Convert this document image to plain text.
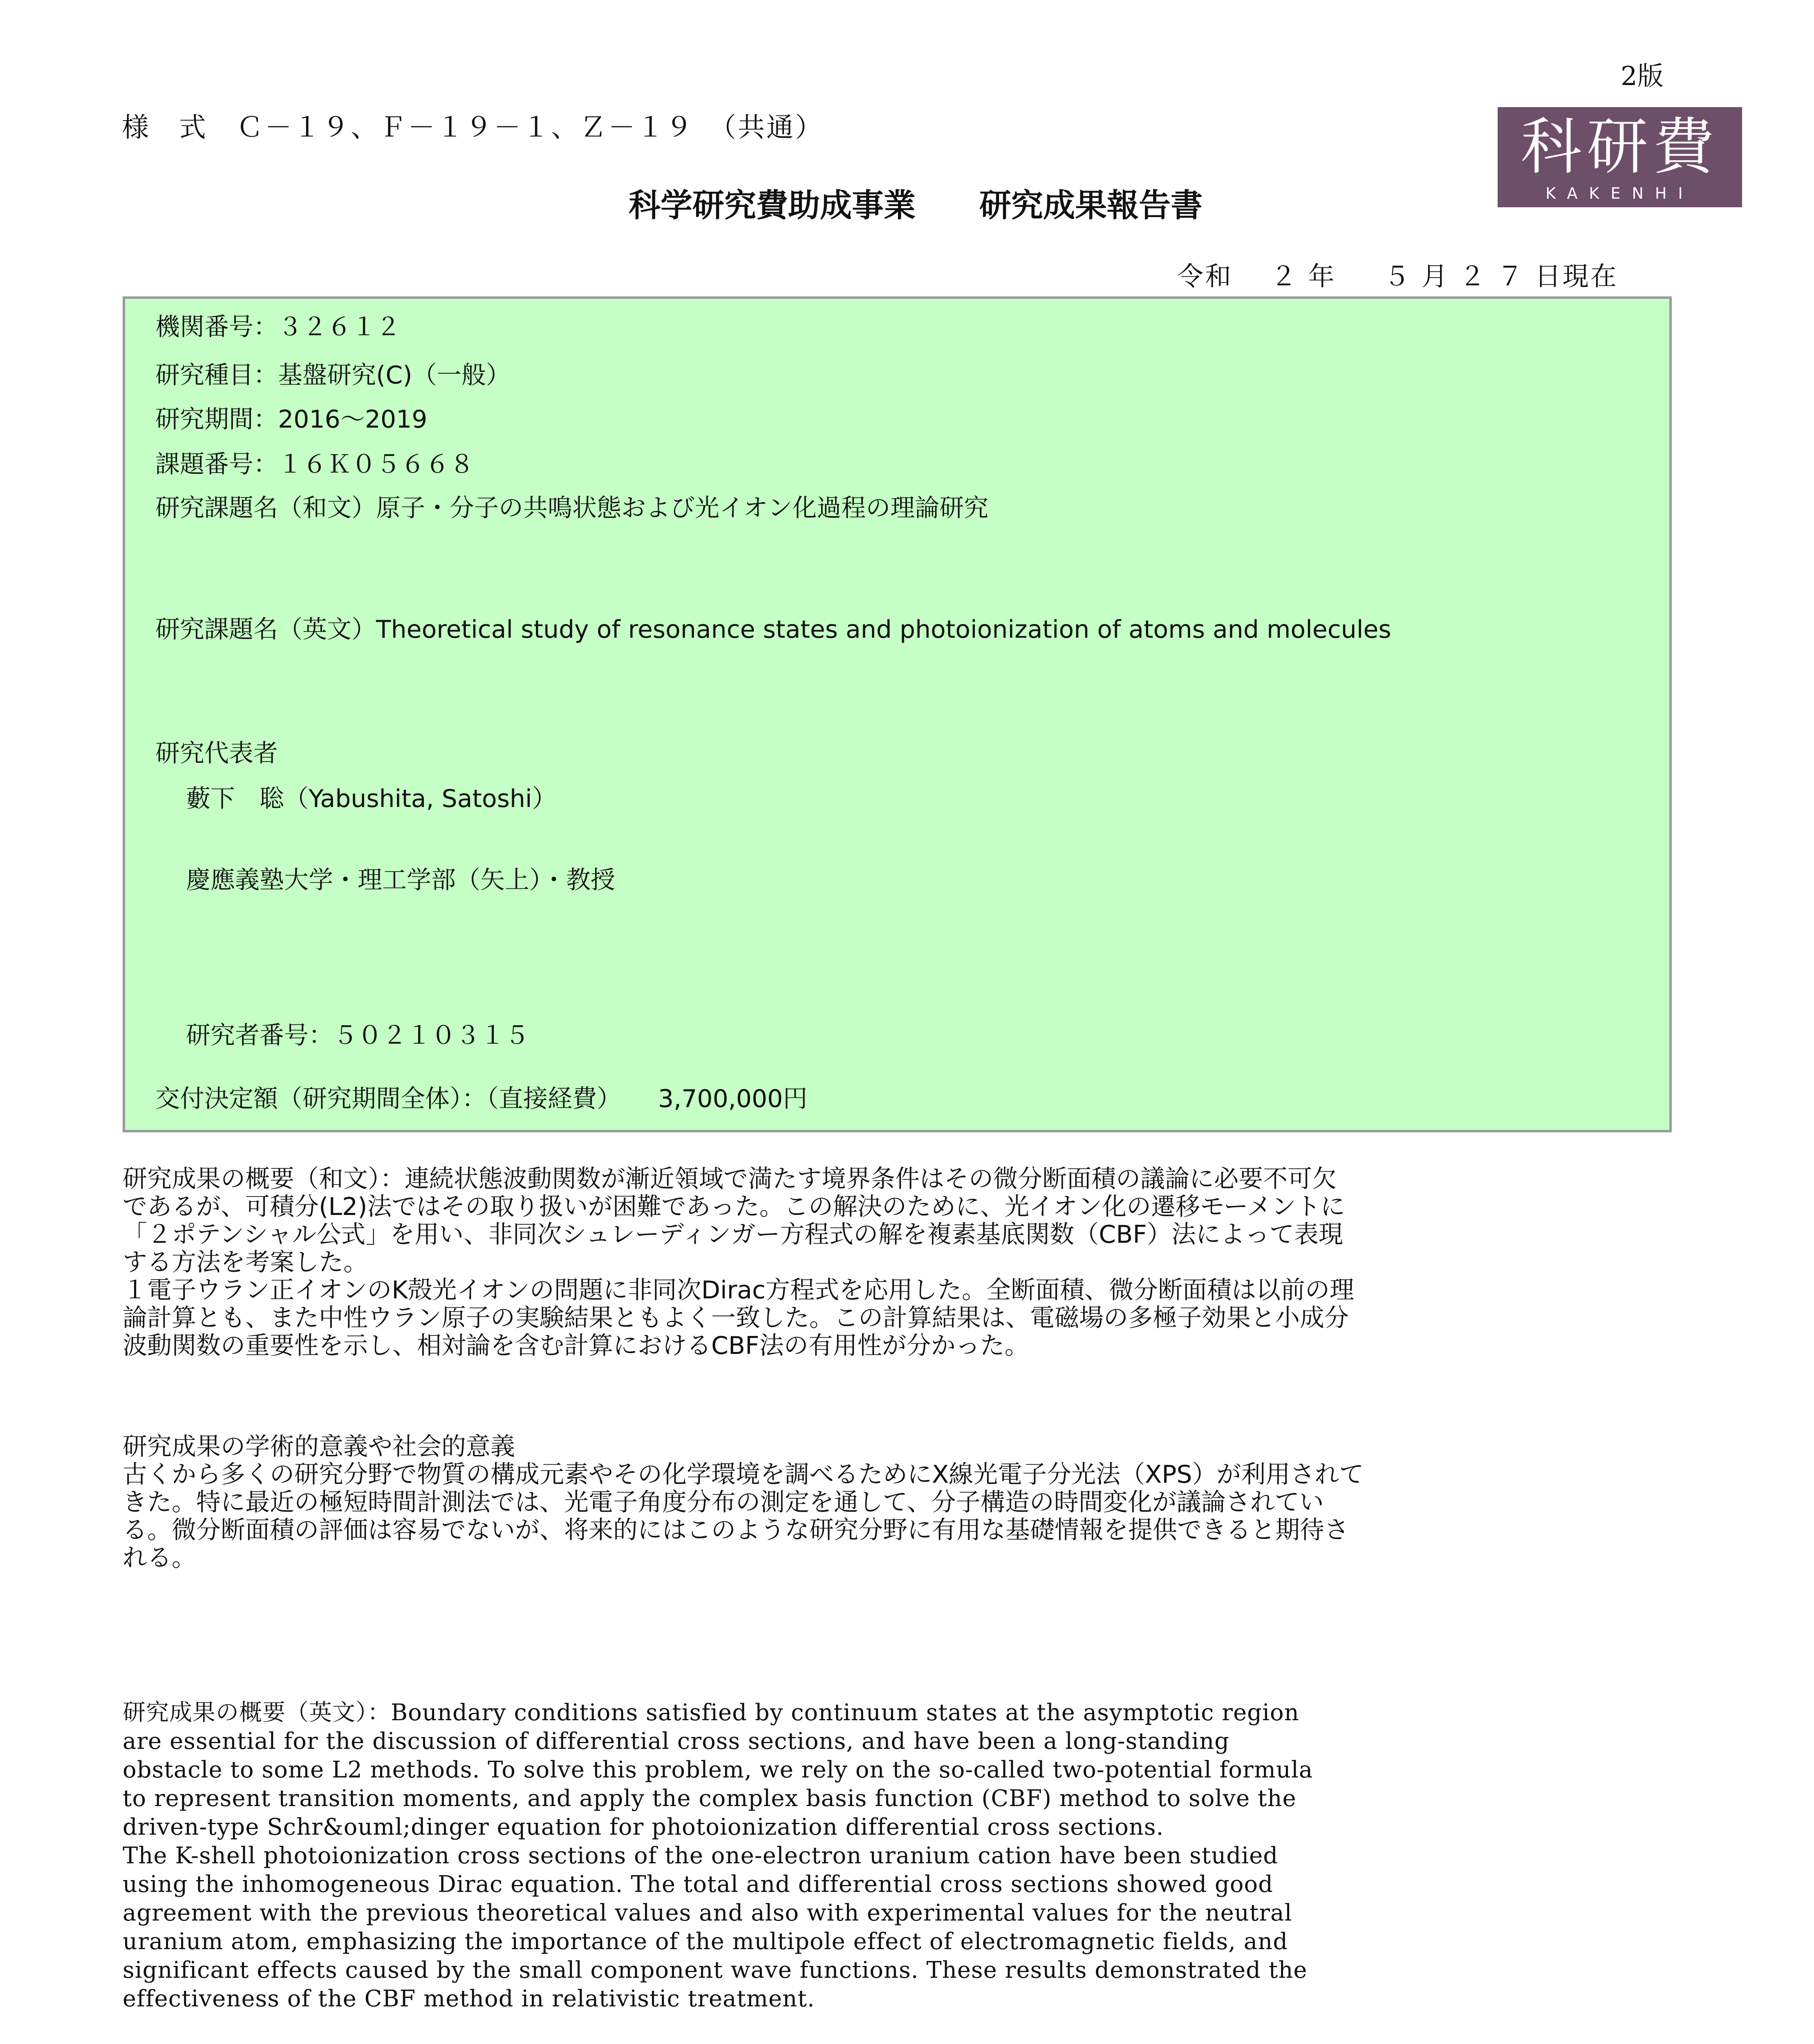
2版
様　式　Ｃ－１９、Ｆ－１９－１、Ｚ－１９　（共通）	科研費
KAKENHI
科学研究費助成事業　　研究成果報告書
令和　 ２ 年 　 ５ 月 ２ ７ 日現在
機関番号：３２６１２
研究種目：基盤研究(C)（一般）
研究期間：2016～2019
課題番号：１６Ｋ０５６６８
研究課題名（和文）原子・分子の共鳴状態および光イオン化過程の理論研究
研究課題名（英文）Theoretical study of resonance states and photoionization of atoms and molecules
研究代表者
藪下　聡（Yabushita, Satoshi）
慶應義塾大学・理工学部（矢上）・教授
研究者番号：５０２１０３１５
交付決定額（研究期間全体）：（直接経費）　　3,700,000円

研究成果の概要（和文）：連続状態波動関数が漸近領域で満たす境界条件はその微分断面積の議論に必要不可欠

であるが、可積分(L2)法ではその取り扱いが困難であった。この解決のために、光イオン化の遷移モーメントに

「２ポテンシャル公式」を用い、非同次シュレーディンガー方程式の解を複素基底関数（CBF）法によって表現

する方法を考案した。

１電子ウラン正イオンのK殻光イオンの問題に非同次Dirac方程式を応用した。全断面積、微分断面積は以前の理

論計算とも、また中性ウラン原子の実験結果ともよく一致した。この計算結果は、電磁場の多極子効果と小成分

波動関数の重要性を示し、相対論を含む計算におけるCBF法の有用性が分かった。

研究成果の学術的意義や社会的意義

古くから多くの研究分野で物質の構成元素やその化学環境を調べるためにX線光電子分光法（XPS）が利用されて

きた。特に最近の極短時間計測法では、光電子角度分布の測定を通して、分子構造の時間変化が議論されてい

る。微分断面積の評価は容易でないが、将来的にはこのような研究分野に有用な基礎情報を提供できると期待さ

れる。

研究成果の概要（英文）：Boundary conditions satisfied by continuum states at the asymptotic region

are essential for the discussion of differential cross sections, and have been a long-standing

obstacle to some L2 methods. To solve this problem, we rely on the so-called two-potential formula

to represent transition moments, and apply the complex basis function (CBF) method to solve the

driven-type Schr&ouml;dinger equation for photoionization differential cross sections.

The K-shell photoionization cross sections of the one-electron uranium cation have been studied

using the inhomogeneous Dirac equation. The total and differential cross sections showed good

agreement with the previous theoretical values and also with experimental values for the neutral

uranium atom, emphasizing the importance of the multipole effect of electromagnetic fields, and

significant effects caused by the small component wave functions. These results demonstrated the

effectiveness of the CBF method in relativistic treatment.
